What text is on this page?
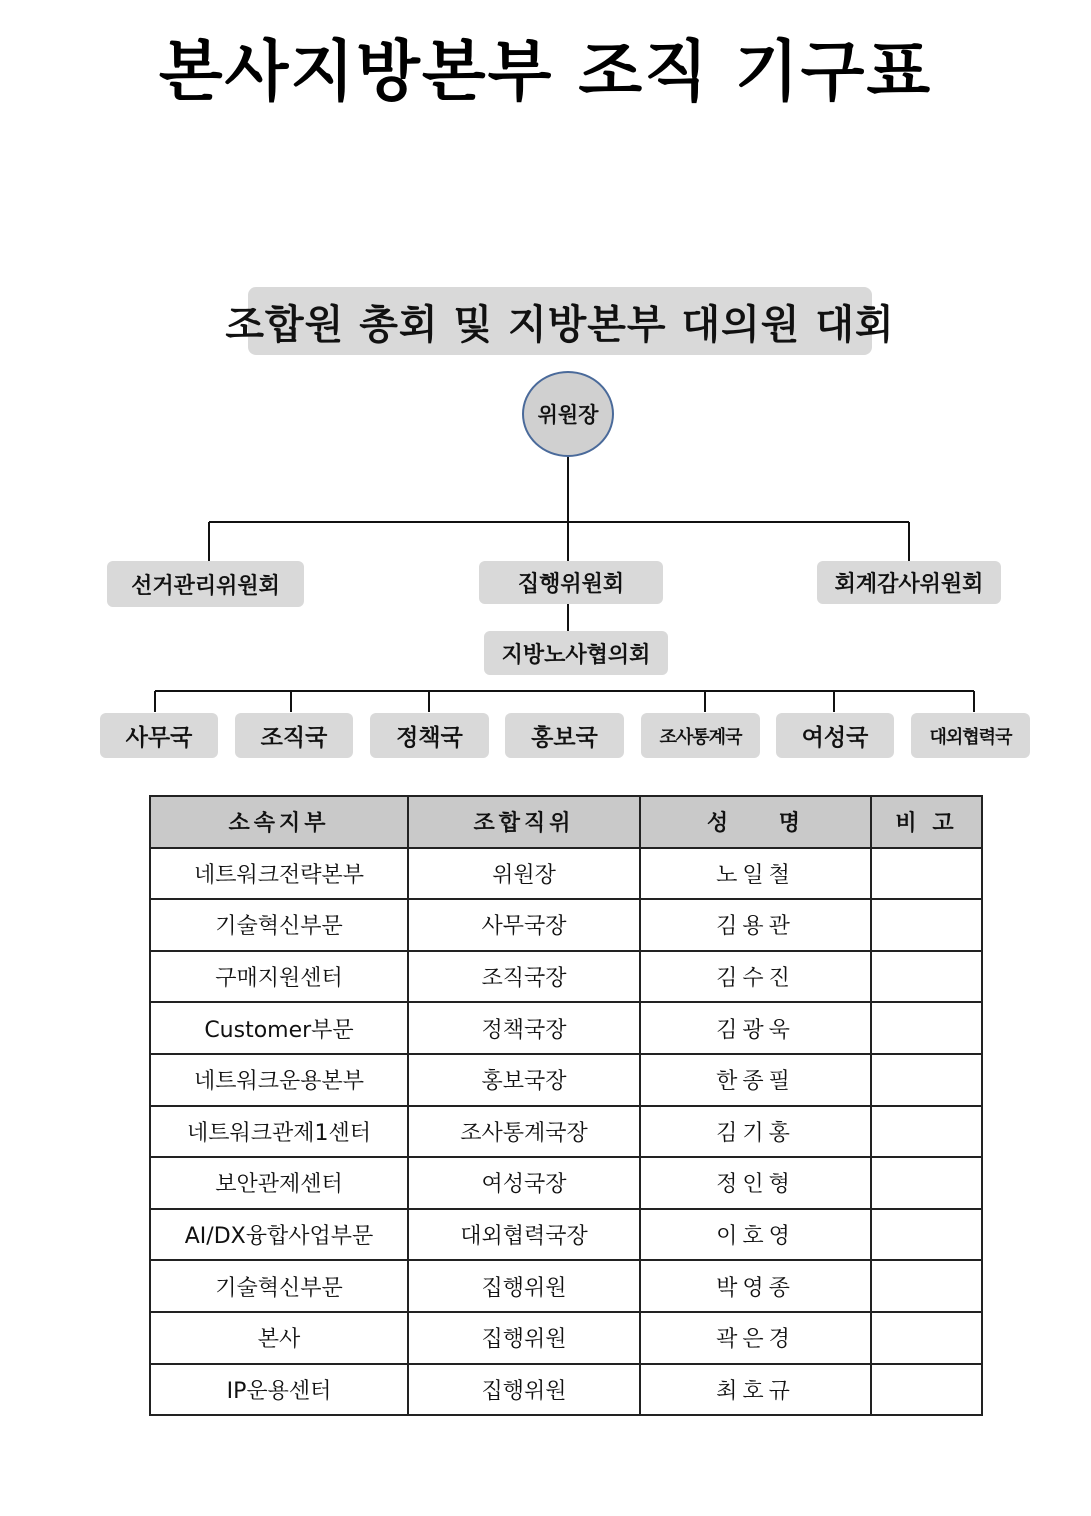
본사지방본부 조직 기구표
조합원 총회 및 지방본부 대의원 대회
위원장
선거관리위원회	집행위원회	회계감사위원회
지방노사협의회
사무국	조직국	정책국	홍보국	조사통계국	여성국	대외협력국
소속지부	조합직위	성    명	비 고
네트워크전략본부	위원장	노일철	
기술혁신부문	사무국장	김용관	
구매지원센터	조직국장	김수진	
Customer부문	정책국장	김광욱	
네트워크운용본부	홍보국장	한종필	
네트워크관제1센터	조사통계국장	김기홍	
보안관제센터	여성국장	정인형	
AI/DX융합사업부문	대외협력국장	이호영	
기술혁신부문	집행위원	박영종	
본사	집행위원	곽은경	
IP운용센터	집행위원	최호규	
